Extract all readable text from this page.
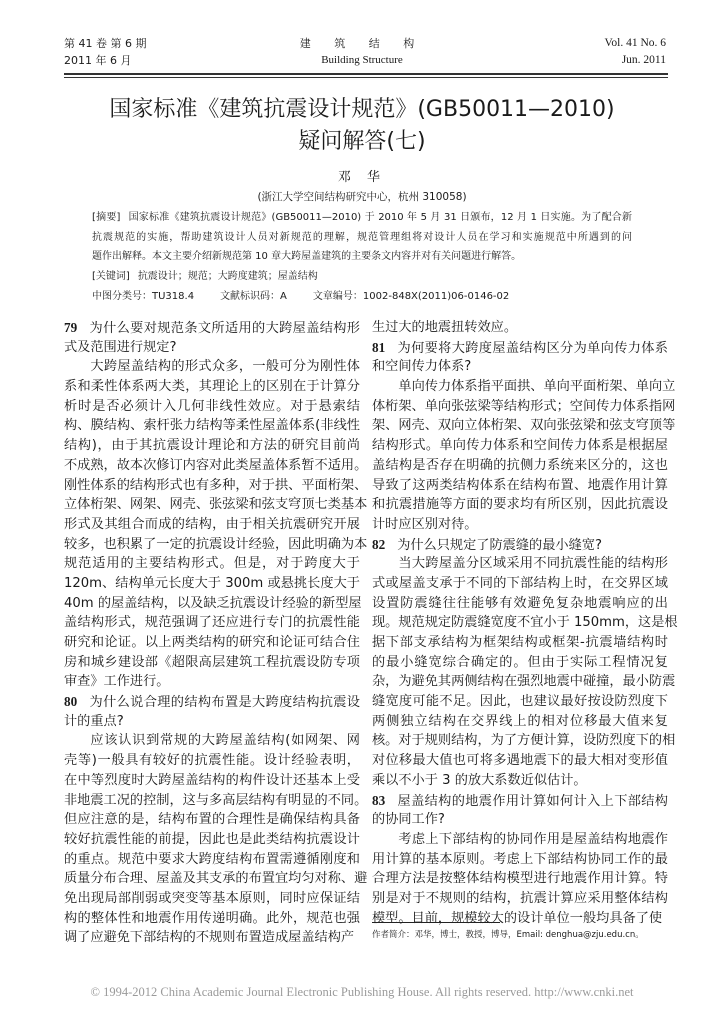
第 41 卷 第 6 期
2011 年 6 月
建 筑 结 构
Building Structure
Vol. 41 No. 6
Jun. 2011
国家标准《建筑抗震设计规范》(GB50011—2010)
疑问解答(七)
邓 华
(浙江大学空间结构研究中心，杭州 310058)
[摘要] 国家标准《建筑抗震设计规范》(GB50011—2010) 于 2010 年 5 月 31 日颁布，12 月 1 日实施。为了配合新
抗震规范的实施，帮助建筑设计人员对新规范的理解，规范管理组将对设计人员在学习和实施规范中所遇到的问
题作出解释。本文主要介绍新规范第 10 章大跨屋盖建筑的主要条文内容并对有关问题进行解答。
[关键词] 抗震设计；规范；大跨度建筑；屋盖结构
中图分类号：TU318.4	文献标识码：A	文章编号：1002-848X(2011)06-0146-02
79 为什么要对规范条文所适用的大跨屋盖结构形
式及范围进行规定?
大跨屋盖结构的形式众多，一般可分为刚性体
系和柔性体系两大类，其理论上的区别在于计算分
析时是否必须计入几何非线性效应。对于悬索结
构、膜结构、索杆张力结构等柔性屋盖体系(非线性
结构)，由于其抗震设计理论和方法的研究目前尚
不成熟，故本次修订内容对此类屋盖体系暂不适用。
刚性体系的结构形式也有多种，对于拱、平面桁架、
立体桁架、网架、网壳、张弦梁和弦支穹顶七类基本
形式及其组合而成的结构，由于相关抗震研究开展
较多，也积累了一定的抗震设计经验，因此明确为本
规范适用的主要结构形式。但是，对于跨度大于
120m、结构单元长度大于 300m 或悬挑长度大于
40m 的屋盖结构，以及缺乏抗震设计经验的新型屋
盖结构形式，规范强调了还应进行专门的抗震性能
研究和论证。以上两类结构的研究和论证可结合住
房和城乡建设部《超限高层建筑工程抗震设防专项
审查》工作进行。
80 为什么说合理的结构布置是大跨度结构抗震设
计的重点?
应该认识到常规的大跨屋盖结构(如网架、网
壳等)一般具有较好的抗震性能。设计经验表明，
在中等烈度时大跨屋盖结构的构件设计还基本上受
非地震工况的控制，这与多高层结构有明显的不同。
但应注意的是，结构布置的合理性是确保结构具备
较好抗震性能的前提，因此也是此类结构抗震设计
的重点。规范中要求大跨度结构布置需遵循刚度和
质量分布合理、屋盖及其支承的布置宜均匀对称、避
免出现局部削弱或突变等基本原则，同时应保证结
构的整体性和地震作用传递明确。此外，规范也强
调了应避免下部结构的不规则布置造成屋盖结构产
生过大的地震扭转效应。
81 为何要将大跨度屋盖结构区分为单向传力体系
和空间传力体系?
单向传力体系指平面拱、单向平面桁架、单向立
体桁架、单向张弦梁等结构形式；空间传力体系指网
架、网壳、双向立体桁架、双向张弦梁和弦支穹顶等
结构形式。单向传力体系和空间传力体系是根据屋
盖结构是否存在明确的抗侧力系统来区分的，这也
导致了这两类结构体系在结构布置、地震作用计算
和抗震措施等方面的要求均有所区别，因此抗震设
计时应区别对待。
82 为什么只规定了防震缝的最小缝宽?
当大跨屋盖分区域采用不同抗震性能的结构形
式或屋盖支承于不同的下部结构上时，在交界区域
设置防震缝往往能够有效避免复杂地震响应的出
现。规范规定防震缝宽度不宜小于 150mm，这是根
据下部支承结构为框架结构或框架-抗震墙结构时
的最小缝宽综合确定的。但由于实际工程情况复
杂，为避免其两侧结构在强烈地震中碰撞，最小防震
缝宽度可能不足。因此，也建议最好按设防烈度下
两侧独立结构在交界线上的相对位移最大值来复
核。对于规则结构，为了方便计算，设防烈度下的相
对位移最大值也可将多遇地震下的最大相对变形值
乘以不小于 3 的放大系数近似估计。
83 屋盖结构的地震作用计算如何计入上下部结构
的协同工作?
考虑上下部结构的协同作用是屋盖结构地震作
用计算的基本原则。考虑上下部结构协同工作的最
合理方法是按整体结构模型进行地震作用计算。特
别是对于不规则的结构，抗震计算应采用整体结构
模型。目前，规模较大的设计单位一般均具备了使
作者简介：邓华，博士，教授，博导，Email: denghua@zju.edu.cn。
© 1994-2012 China Academic Journal Electronic Publishing House. All rights reserved. http://www.cnki.net
